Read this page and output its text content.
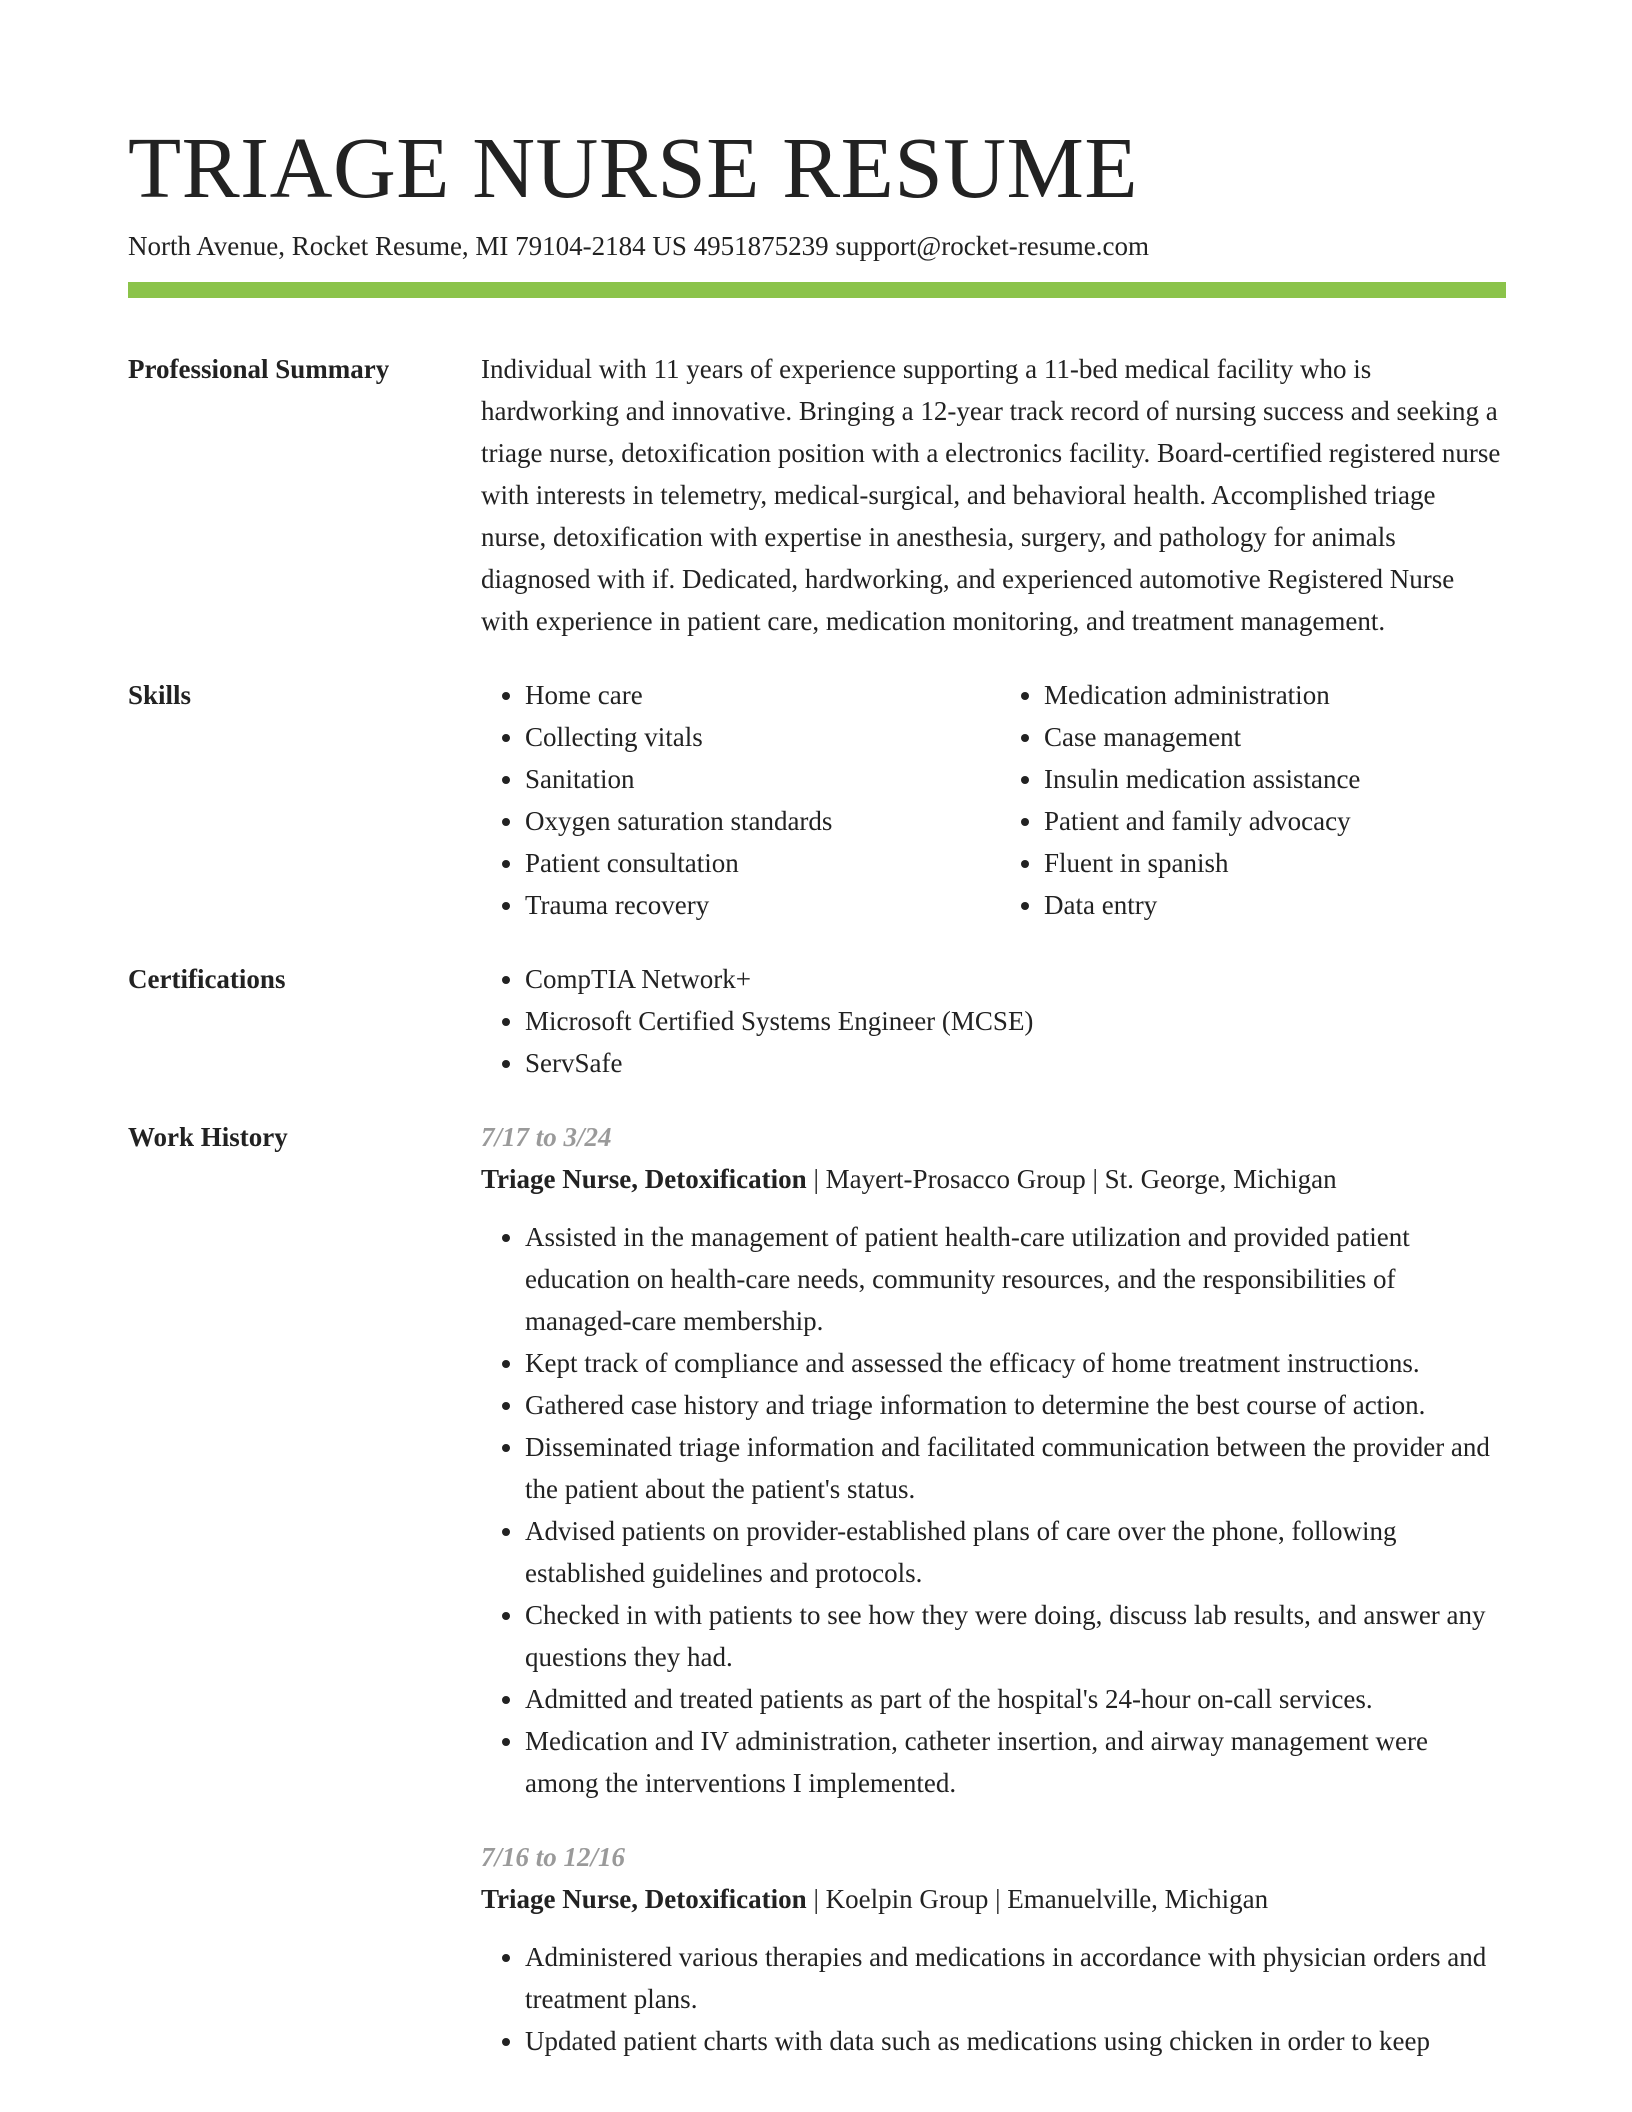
TRIAGE NURSE RESUME
North Avenue, Rocket Resume, MI 79104-2184 US 4951875239 support@rocket-resume.com
Professional Summary	Individual with 11 years of experience supporting a 11-bed medical facility who is hardworking and innovative. Bringing a 12-year track record of nursing success and seeking a triage nurse, detoxification position with a electronics facility. Board-certified registered nurse with interests in telemetry, medical-surgical, and behavioral health. Accomplished triage nurse, detoxification with expertise in anesthesia, surgery, and pathology for animals diagnosed with if. Dedicated, hardworking, and experienced automotive Registered Nurse with experience in patient care, medication monitoring, and treatment management.

Skills	• Home care
• Collecting vitals
• Sanitation
• Oxygen saturation standards
• Patient consultation
• Trauma recovery
• Medication administration
• Case management
• Insulin medication assistance
• Patient and family advocacy
• Fluent in spanish
• Data entry
Certifications	• CompTIA Network+
• Microsoft Certified Systems Engineer (MCSE)
• ServSafe
Work History	7/17 to 3/24
Triage Nurse, Detoxification | Mayert-Prosacco Group | St. George, Michigan
• Assisted in the management of patient health-care utilization and provided patient education on health-care needs, community resources, and the responsibilities of managed-care membership.
• Kept track of compliance and assessed the efficacy of home treatment instructions.
• Gathered case history and triage information to determine the best course of action.
• Disseminated triage information and facilitated communication between the provider and the patient about the patient's status.
• Advised patients on provider-established plans of care over the phone, following established guidelines and protocols.
• Checked in with patients to see how they were doing, discuss lab results, and answer any questions they had.
• Admitted and treated patients as part of the hospital's 24-hour on-call services.
• Medication and IV administration, catheter insertion, and airway management were among the interventions I implemented.
7/16 to 12/16
Triage Nurse, Detoxification | Koelpin Group | Emanuelville, Michigan
• Administered various therapies and medications in accordance with physician orders and treatment plans.
• Updated patient charts with data such as medications using chicken in order to keep
